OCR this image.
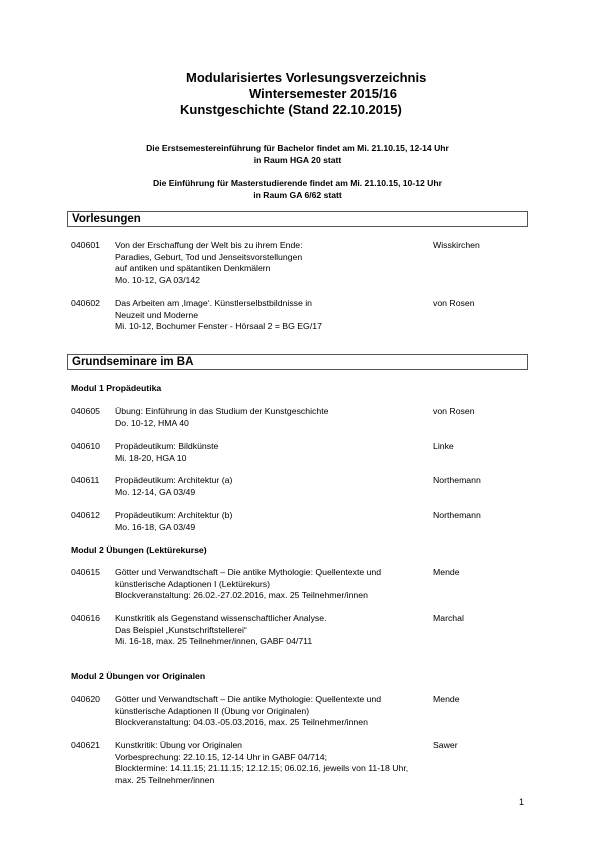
Modularisiertes Vorlesungsverzeichnis
Wintersemester 2015/16
Kunstgeschichte (Stand 22.10.2015)
Die Erstsemestereinführung für Bachelor findet am Mi. 21.10.15, 12-14 Uhr
in Raum HGA 20 statt
Die Einführung für Masterstudierende findet am Mi. 21.10.15, 10-12 Uhr
in Raum GA 6/62 statt
Vorlesungen
040601 Von der Erschaffung der Welt bis zu ihrem Ende:
Paradies, Geburt, Tod und Jenseitsvorstellungen
auf antiken und spätantiken Denkmälern
Mo. 10-12, GA 03/142
Wisskirchen
040602 Das Arbeiten am ‚Image‘. Künstlerselbstbildnisse in
Neuzeit und Moderne
Mi. 10-12, Bochumer Fenster - Hörsaal 2 = BG EG/17
von Rosen
Grundseminare im BA
Modul 1 Propädeutika
040605 Übung: Einführung in das Studium der Kunstgeschichte
Do. 10-12, HMA 40
von Rosen
040610 Propädeutikum: Bildkünste
Mi. 18-20, HGA 10
Linke
040611 Propädeutikum: Architektur (a)
Mo. 12-14, GA 03/49
Northemann
040612 Propädeutikum: Architektur (b)
Mo. 16-18, GA 03/49
Northemann
Modul 2 Übungen (Lektürekurse)
040615 Götter und Verwandtschaft – Die antike Mythologie: Quellentexte und
künstlerische Adaptionen I (Lektürekurs)
Blockveranstaltung: 26.02.-27.02.2016, max. 25 Teilnehmer/innen
Mende
040616 Kunstkritik als Gegenstand wissenschaftlicher Analyse.
Das Beispiel „Kunstschriftstellerei“
Mi. 16-18, max. 25 Teilnehmer/innen, GABF 04/711
Marchal
Modul 2 Übungen vor Originalen
040620 Götter und Verwandtschaft – Die antike Mythologie: Quellentexte und
künstlerische Adaptionen II (Übung vor Originalen)
Blockveranstaltung: 04.03.-05.03.2016, max. 25 Teilnehmer/innen
Mende
040621 Kunstkritik: Übung vor Originalen
Vorbesprechung: 22.10.15, 12-14 Uhr in GABF 04/714;
Blocktermine: 14.11.15; 21.11.15; 12.12.15; 06.02.16, jeweils von 11-18 Uhr,
max. 25 Teilnehmer/innen
Sawer
1
